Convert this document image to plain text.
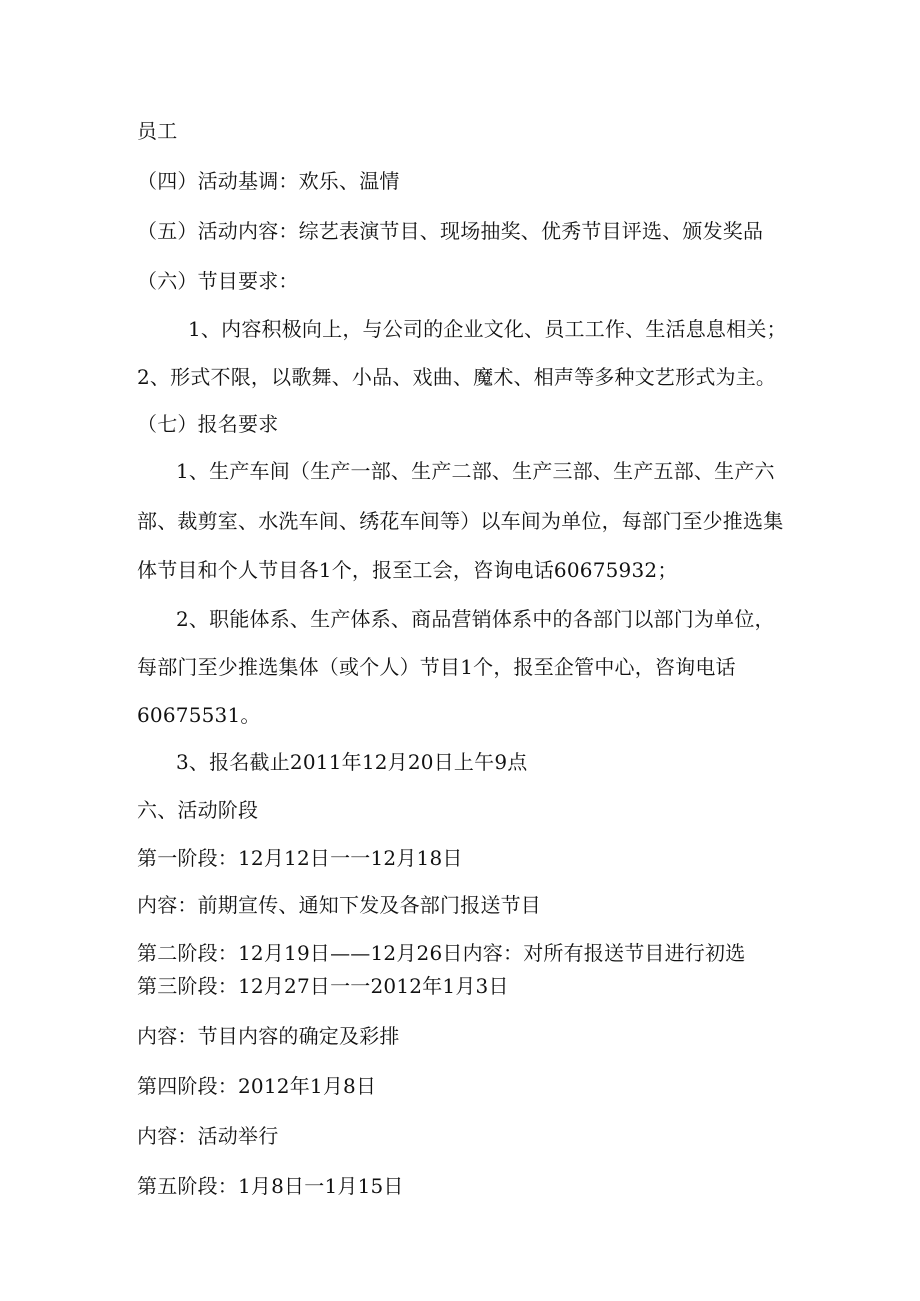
员工
（四）活动基调：欢乐、温情
（五）活动内容：综艺表演节目、现场抽奖、优秀节目评选、颁发奖品
（六）节目要求：
1、内容积极向上，与公司的企业文化、员工工作、生活息息相关；
2、形式不限，以歌舞、小品、戏曲、魔术、相声等多种文艺形式为主。
（七）报名要求
1、生产车间（生产一部、生产二部、生产三部、生产五部、生产六
部、裁剪室、水洗车间、绣花车间等）以车间为单位，每部门至少推选集
体节目和个人节目各1个，报至工会，咨询电话60675932；
2、职能体系、生产体系、商品营销体系中的各部门以部门为单位，
每部门至少推选集体（或个人）节目1个，报至企管中心，咨询电话
60675531。
3、报名截止2011年12月20日上午9点
六、活动阶段
第一阶段：12月12日一一12月18日
内容：前期宣传、通知下发及各部门报送节目
第二阶段：12月19日——12月26日内容：对所有报送节目进行初选
第三阶段：12月27日一一2012年1月3日
内容：节目内容的确定及彩排
第四阶段：2012年1月8日
内容：活动举行
第五阶段：1月8日一1月15日
